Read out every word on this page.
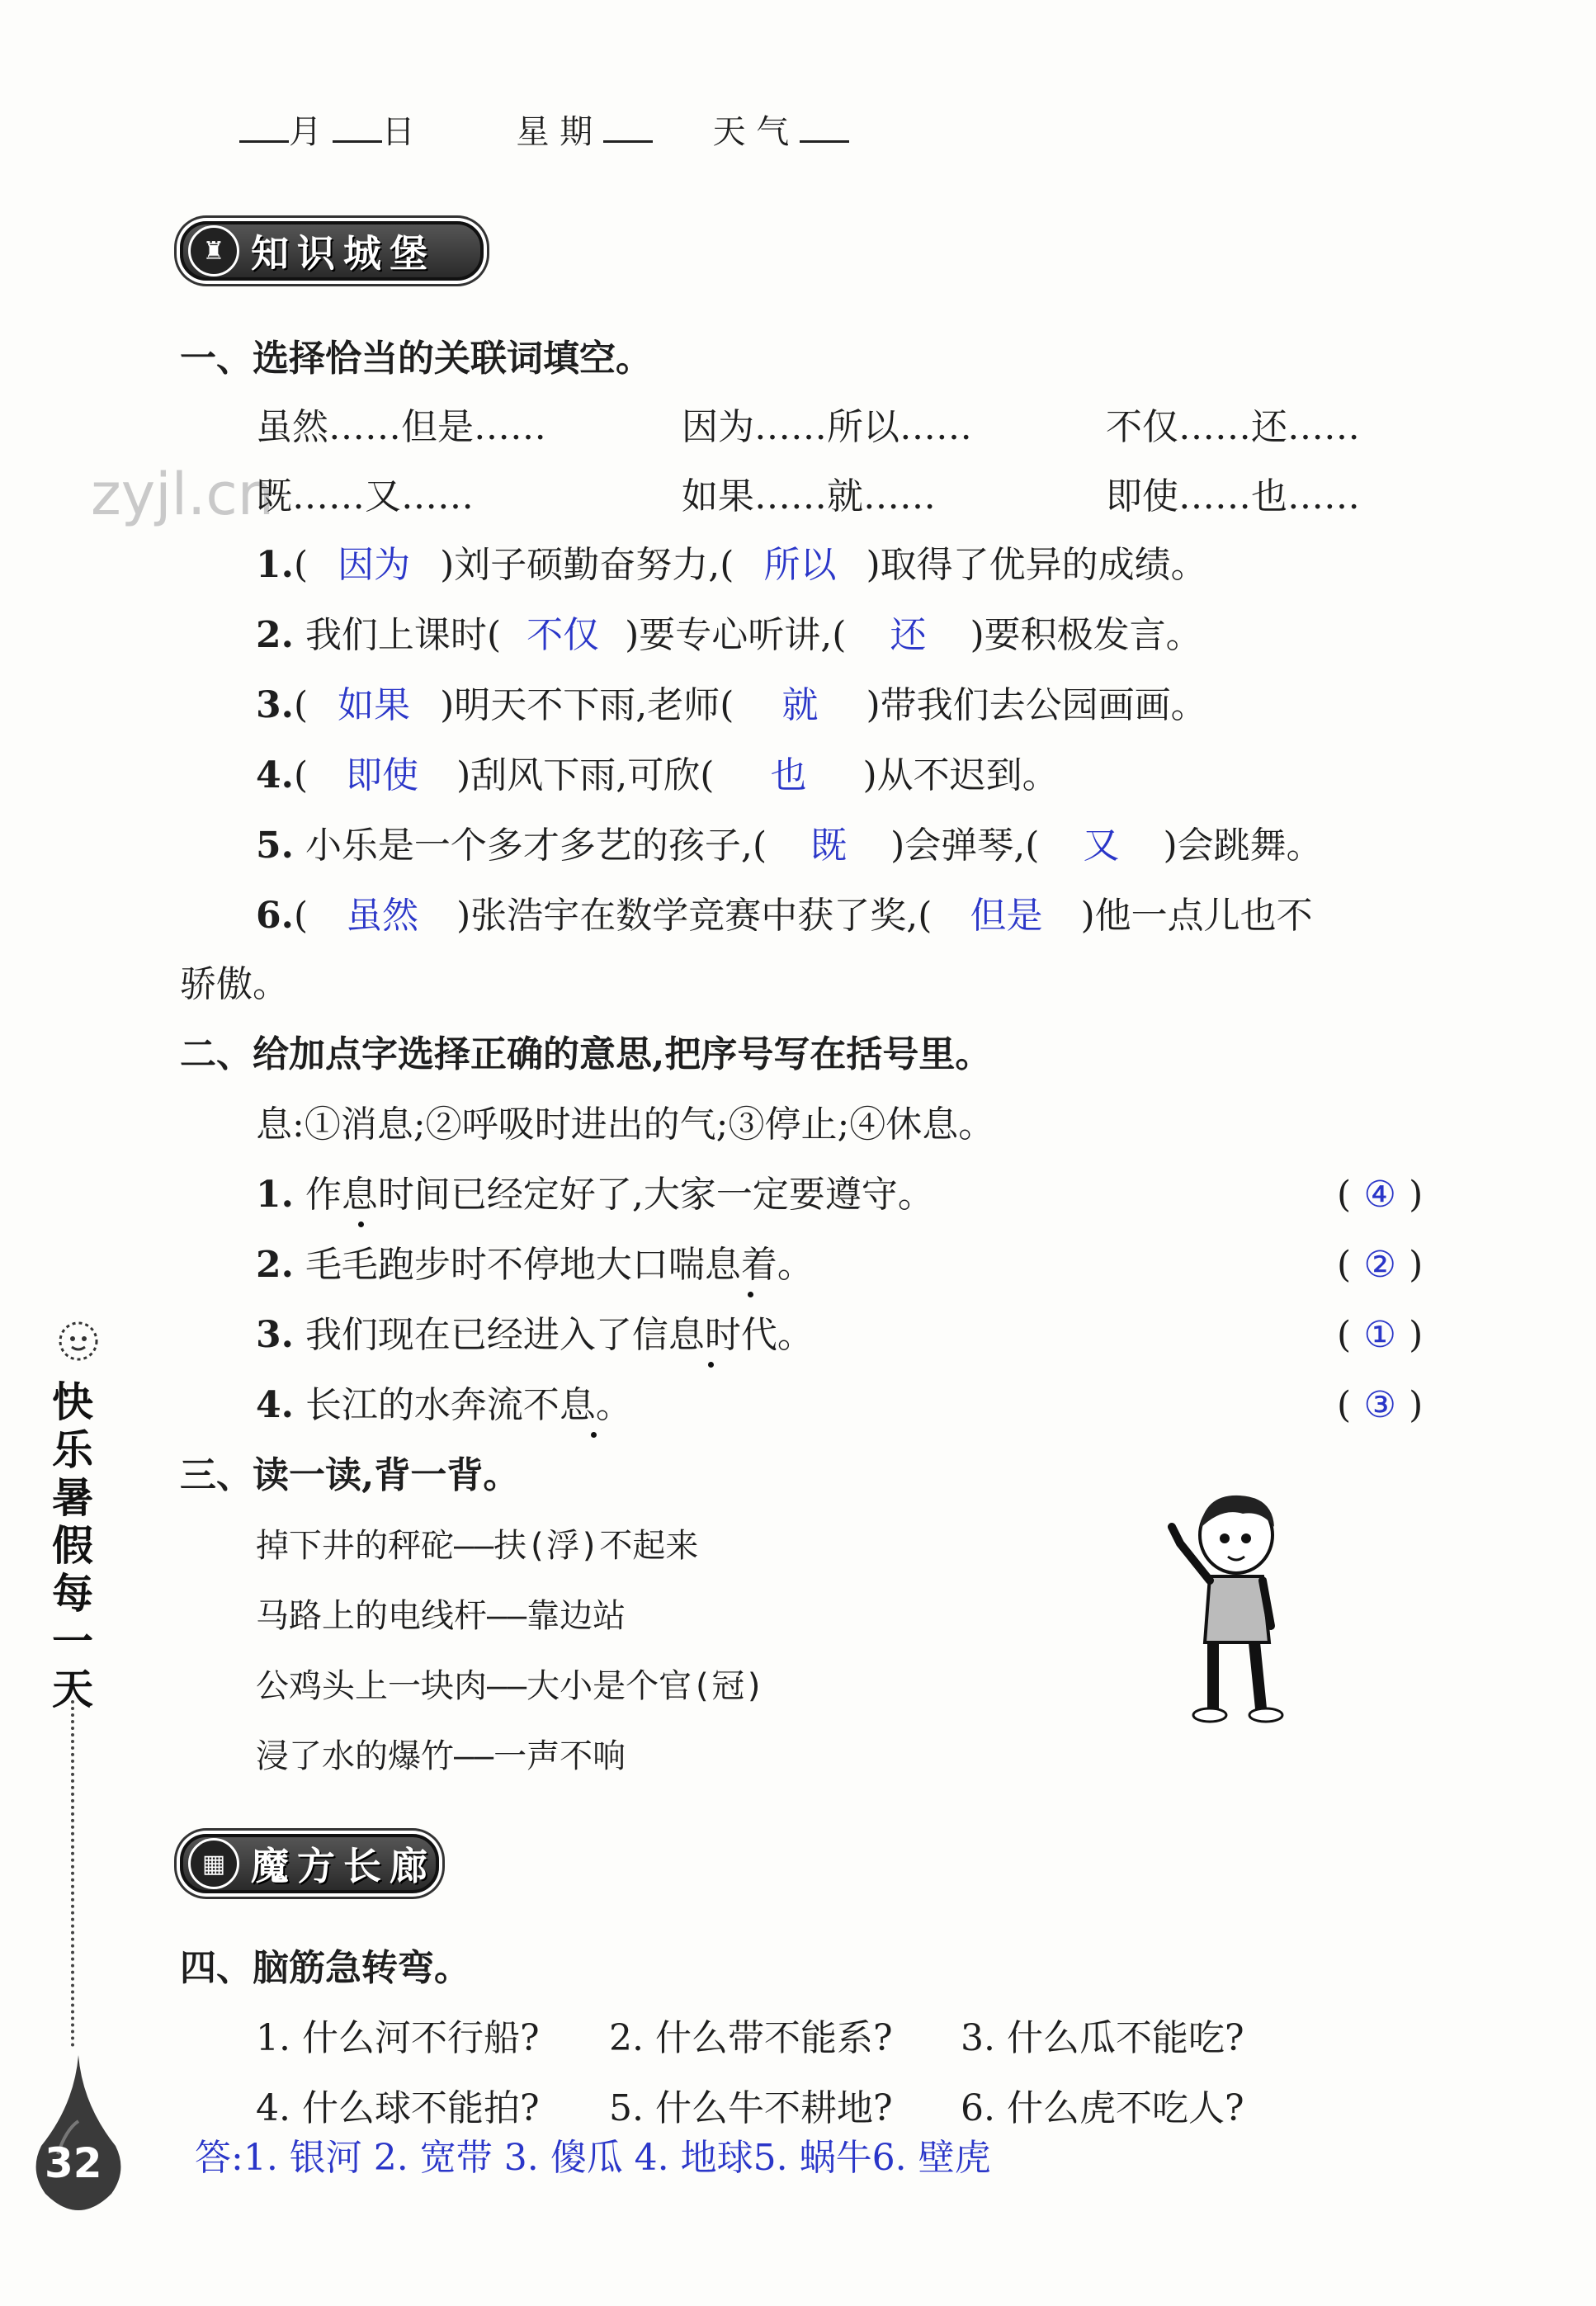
月 日	星 期	天 气
♜ 知识城堡
zyjl.cn
一、选择恰当的关联词填空。
虽然……但是……	因为……所以……	不仅……还……
既……又……	如果……就……	即使……也……
1.( 因为 )刘子硕勤奋努力,( 所以 )取得了优异的成绩。
2. 我们上课时( 不仅 )要专心听讲,( 还 )要积极发言。
3.( 如果 )明天不下雨,老师( 就 )带我们去公园画画。
4.( 即使 )刮风下雨,可欣( 也 )从不迟到。
5. 小乐是一个多才多艺的孩子,( 既 )会弹琴,( 又 )会跳舞。
6.( 虽然 )张浩宇在数学竞赛中获了奖,( 但是 )他一点儿也不
骄傲。
二、给加点字选择正确的意思,把序号写在括号里。
息:①消息;②呼吸时进出的气;③停止;④休息。
1. 作息时间已经定好了,大家一定要遵守。	( ④ )
2. 毛毛跑步时不停地大口喘息着。	( ② )
3. 我们现在已经进入了信息时代。	( ① )
4. 长江的水奔流不息。	( ③ )
三、读一读,背一背。
掉下井的秤砣——扶(浮)不起来
马路上的电线杆——靠边站
公鸡头上一块肉——大小是个官(冠)
浸了水的爆竹——一声不响
▦ 魔方长廊
四、脑筋急转弯。
1. 什么河不行船? 2. 什么带不能系? 3. 什么瓜不能吃?
4. 什么球不能拍? 5. 什么牛不耕地? 6. 什么虎不吃人?
答:1. 银河 2. 宽带 3. 傻瓜 4. 地球5. 蜗牛6. 壁虎
快
乐
暑
假
每
一
天
32
